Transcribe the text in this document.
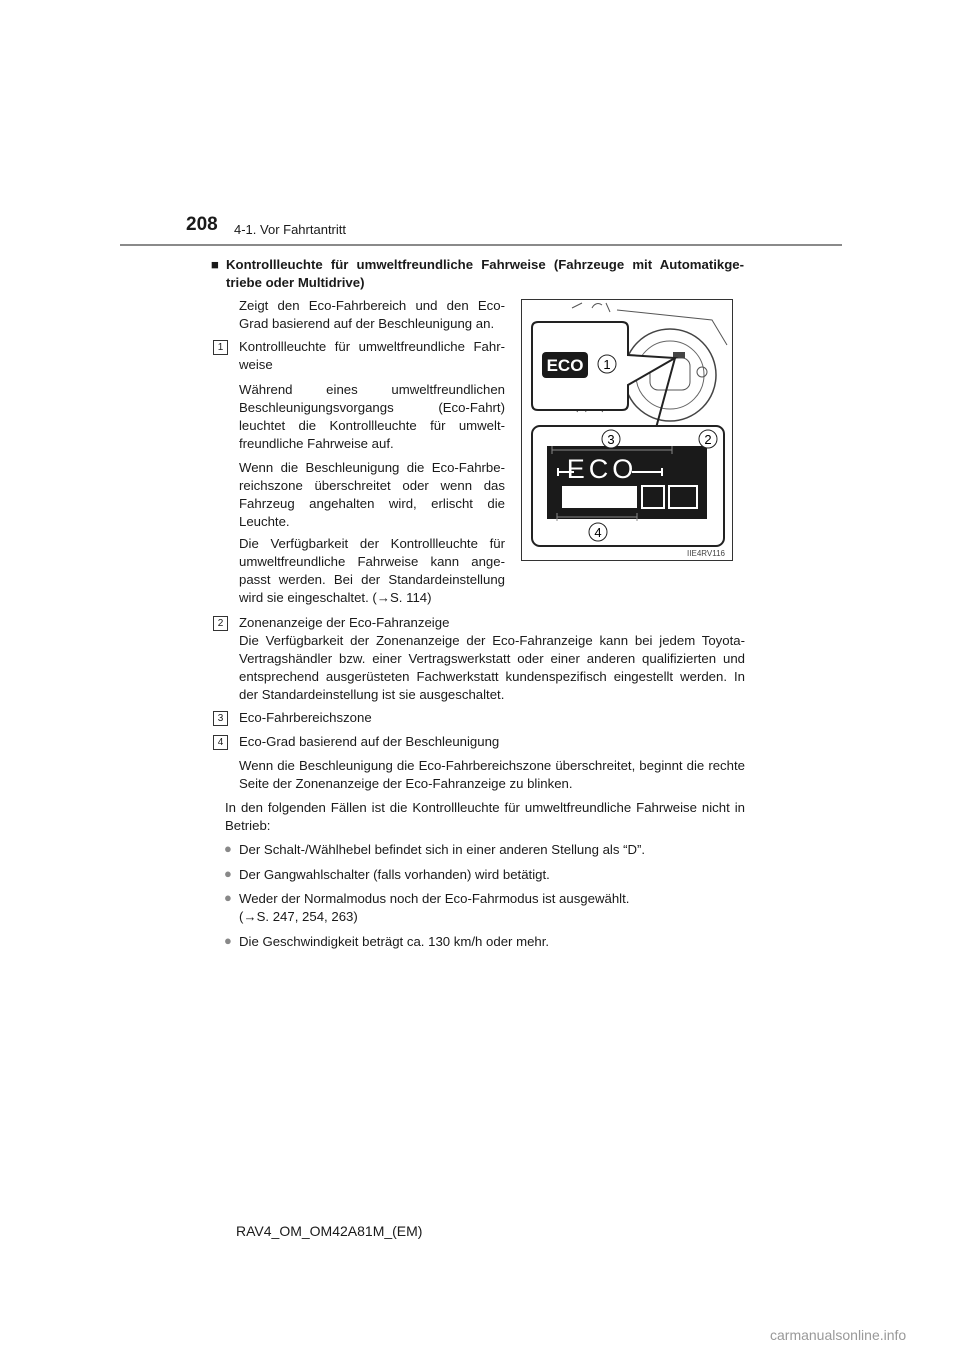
208 4-1. Vor Fahrtantritt
■ Kontrollleuchte für umweltfreundliche Fahrweise (Fahrzeuge mit Automatikge-
triebe oder Multidrive)
Zeigt den Eco-Fahrbereich und den Eco-Grad basierend auf der Beschleunigung an.
1	Kontrollleuchte für umweltfreundliche Fahr-weise
Während eines umweltfreundlichen Beschleunigungsvorgangs (Eco-Fahrt) leuchtet die Kontrollleuchte für umwelt-freundliche Fahrweise auf.
Wenn die Beschleunigung die Eco-Fahrbe-reichszone überschreitet oder wenn das Fahrzeug angehalten wird, erlischt die Leuchte.
Die Verfügbarkeit der Kontrollleuchte für umweltfreundliche Fahrweise kann ange-passt werden. Bei der Standardeinstellung wird sie eingeschaltet. (→S. 114)
ECO 1
ECO
3	2
4
IIE4RV116
2	Zonenanzeige der Eco-Fahranzeige
Die Verfügbarkeit der Zonenanzeige der Eco-Fahranzeige kann bei jedem Toyota-Vertragshändler bzw. einer Vertragswerkstatt oder einer anderen qualifizierten und entsprechend ausgerüsteten Fachwerkstatt kundenspezifisch eingestellt werden. In der Standardeinstellung ist sie ausgeschaltet.
3	Eco-Fahrbereichszone
4	Eco-Grad basierend auf der Beschleunigung
Wenn die Beschleunigung die Eco-Fahrbereichszone überschreitet, beginnt die rechte Seite der Zonenanzeige der Eco-Fahranzeige zu blinken.
In den folgenden Fällen ist die Kontrollleuchte für umweltfreundliche Fahrweise nicht in Betrieb:
● Der Schalt-/Wählhebel befindet sich in einer anderen Stellung als “D”.
● Der Gangwahlschalter (falls vorhanden) wird betätigt.
● Weder der Normalmodus noch der Eco-Fahrmodus ist ausgewählt.
(→S. 247, 254, 263)
● Die Geschwindigkeit beträgt ca. 130 km/h oder mehr.
RAV4_OM_OM42A81M_(EM)
carmanualsonline.info
